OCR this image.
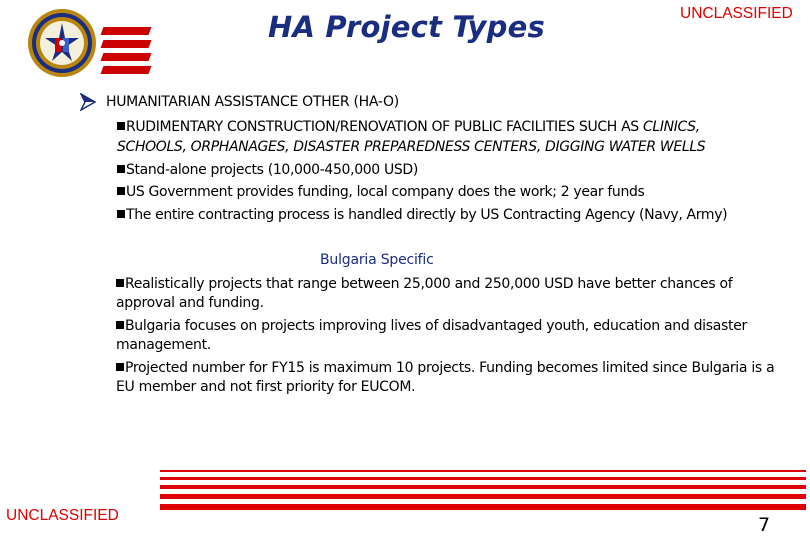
HA Project Types	UNCLASSIFIED
HUMANITARIAN ASSISTANCE OTHER (HA-O)
RUDIMENTARY CONSTRUCTION/RENOVATION OF PUBLIC FACILITIES SUCH AS CLINICS,
SCHOOLS, ORPHANAGES, DISASTER PREPAREDNESS CENTERS, DIGGING WATER WELLS
Stand-alone projects (10,000-450,000 USD)
US Government provides funding, local company does the work; 2 year funds
The entire contracting process is handled directly by US Contracting Agency (Navy, Army)
Bulgaria Specific
Realistically projects that range between 25,000 and 250,000 USD have better chances of approval and funding.
Bulgaria focuses on projects improving lives of disadvantaged youth, education and disaster management.
Projected number for FY15 is maximum 10 projects. Funding becomes limited since Bulgaria is a EU member and not first priority for EUCOM.
UNCLASSIFIED	7
